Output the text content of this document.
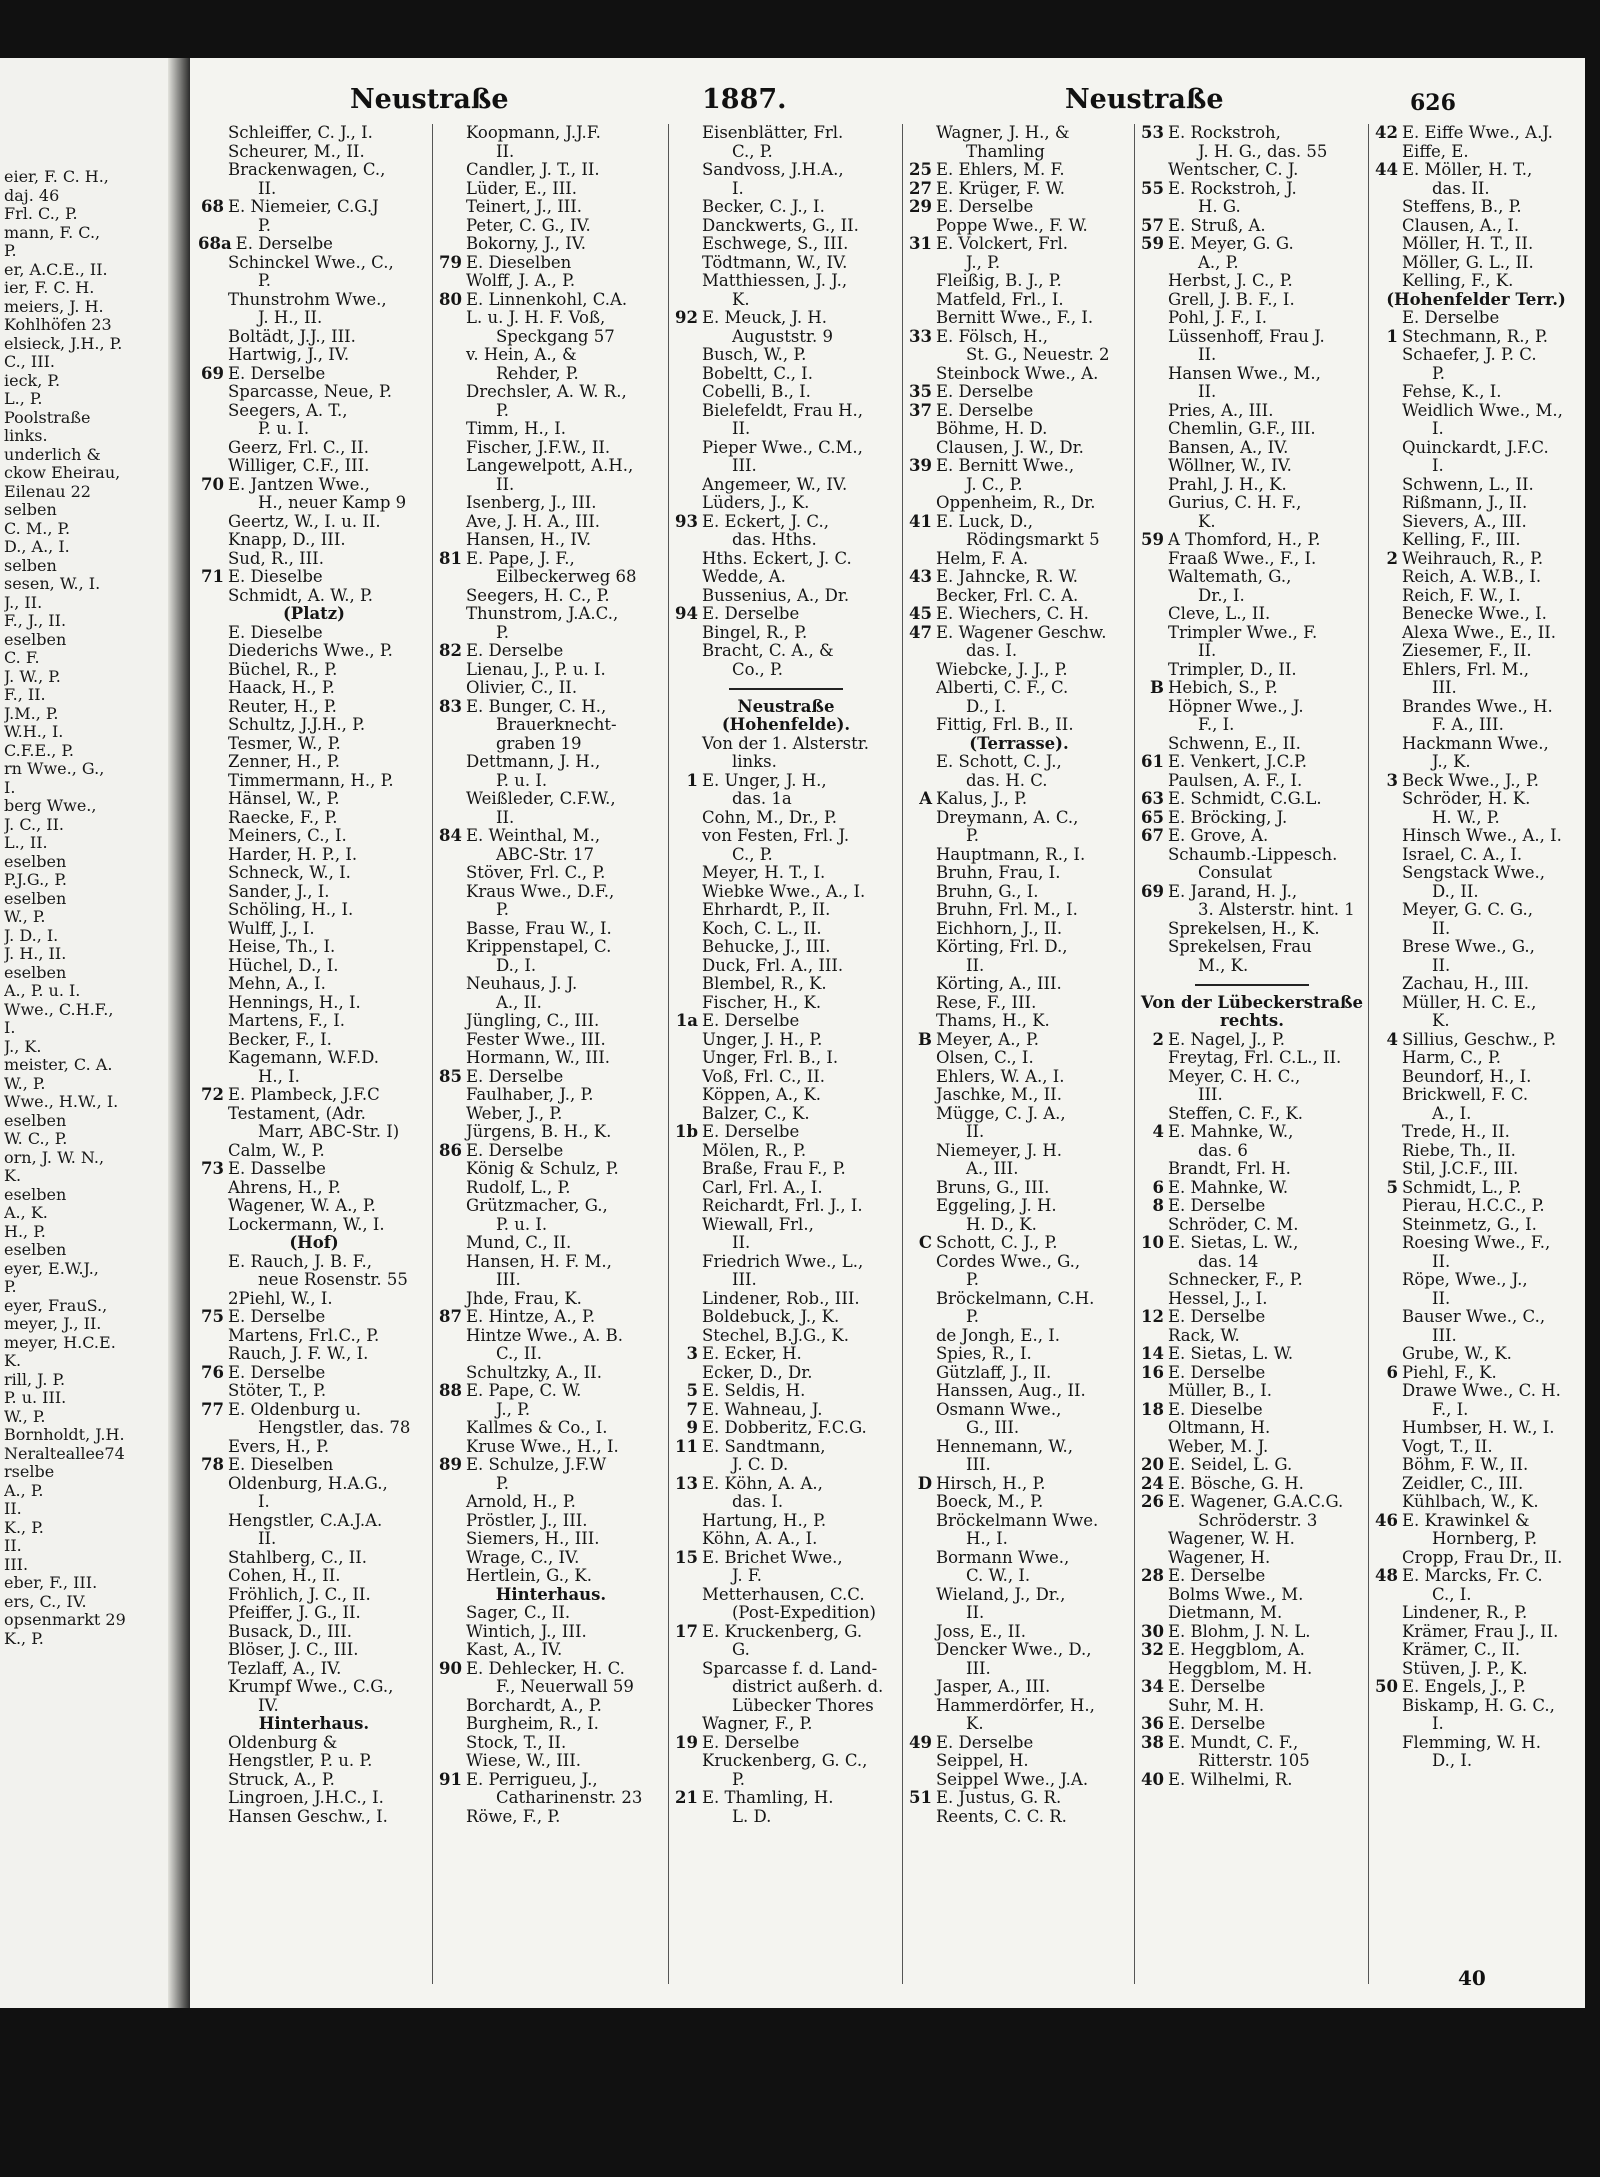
eier, F. C. H.,
daj. 46
Frl. C., P.
mann, F. C.,
P.
er, A.C.E., II.
ier, F. C. H.
meiers, J. H.
Kohlhöfen 23
elsieck, J.H., P.
C., III.
ieck, P.
L., P.
Poolstraße
links.
underlich &
ckow Eheirau,
Eilenau 22
selben
C. M., P.
D., A., I.
selben
sesen, W., I.
J., II.
F., J., II.
eselben
C. F.
J. W., P.
F., II.
J.M., P.
W.H., I.
C.F.E., P.
rn Wwe., G.,
I.
berg Wwe.,
J. C., II.
L., II.
eselben
P.J.G., P.
eselben
W., P.
J. D., I.
J. H., II.
eselben
A., P. u. I.
Wwe., C.H.F.,
I.
J., K.
meister, C. A.
W., P.
Wwe., H.W., I.
eselben
W. C., P.
orn, J. W. N.,
K.
eselben
A., K.
H., P.
eselben
eyer, E.W.J.,
P.
eyer, FrauS.,
meyer, J., II.
meyer, H.C.E.
K.
rill, J. P.
P. u. III.
W., P.
Bornholdt, J.H.
Neralteallee74
rselbe
A., P.
II.
K., P.
II.
III.
eber, F., III.
ers, C., IV.
opsenmarkt 29
K., P.
Neustraße	1887.	Neustraße	626
Schleiffer, C. J., I.
Scheurer, M., II.
Brackenwagen, C.,
II.
68 E. Niemeier, C.G.J
P.
68a E. Derselbe
Schinckel Wwe., C.,
P.
Thunstrohm Wwe.,
J. H., II.
Boltädt, J.J., III.
Hartwig, J., IV.
69 E. Derselbe
Sparcasse, Neue, P.
Seegers, A. T.,
P. u. I.
Geerz, Frl. C., II.
Williger, C.F., III.
70 E. Jantzen Wwe.,
H., neuer Kamp 9
Geertz, W., I. u. II.
Knapp, D., III.
Sud, R., III.
71 E. Dieselbe
Schmidt, A. W., P.
(Platz)
E. Dieselbe
Diederichs Wwe., P.
Büchel, R., P.
Haack, H., P.
Reuter, H., P.
Schultz, J.J.H., P.
Tesmer, W., P.
Zenner, H., P.
Timmermann, H., P.
Hänsel, W., P.
Raecke, F., P.
Meiners, C., I.
Harder, H. P., I.
Schneck, W., I.
Sander, J., I.
Schöling, H., I.
Wulff, J., I.
Heise, Th., I.
Hüchel, D., I.
Mehn, A., I.
Hennings, H., I.
Martens, F., I.
Becker, F., I.
Kagemann, W.F.D.
H., I.
72 E. Plambeck, J.F.C
Testament, (Adr.
Marr, ABC-Str. I)
Calm, W., P.
73 E. Dasselbe
Ahrens, H., P.
Wagener, W. A., P.
Lockermann, W., I.
(Hof)
E. Rauch, J. B. F.,
neue Rosenstr. 55
2Piehl, W., I.
75 E. Derselbe
Martens, Frl.C., P.
Rauch, J. F. W., I.
76 E. Derselbe
Stöter, T., P.
77 E. Oldenburg u.
Hengstler, das. 78
Evers, H., P.
78 E. Dieselben
Oldenburg, H.A.G.,
I.
Hengstler, C.A.J.A.
II.
Stahlberg, C., II.
Cohen, H., II.
Fröhlich, J. C., II.
Pfeiffer, J. G., II.
Busack, D., III.
Blöser, J. C., III.
Tezlaff, A., IV.
Krumpf Wwe., C.G.,
IV.
Hinterhaus.
Oldenburg &
Hengstler, P. u. P.
Struck, A., P.
Lingroen, J.H.C., I.
Hansen Geschw., I.
Koopmann, J.J.F.
II.
Candler, J. T., II.
Lüder, E., III.
Teinert, J., III.
Peter, C. G., IV.
Bokorny, J., IV.
79 E. Dieselben
Wolff, J. A., P.
80 E. Linnenkohl, C.A.
L. u. J. H. F. Voß,
Speckgang 57
v. Hein, A., &
Rehder, P.
Drechsler, A. W. R.,
P.
Timm, H., I.
Fischer, J.F.W., II.
Langewelpott, A.H.,
II.
Isenberg, J., III.
Ave, J. H. A., III.
Hansen, H., IV.
81 E. Pape, J. F.,
Eilbeckerweg 68
Seegers, H. C., P.
Thunstrom, J.A.C.,
P.
82 E. Derselbe
Lienau, J., P. u. I.
Olivier, C., II.
83 E. Bunger, C. H.,
Brauerknecht-
graben 19
Dettmann, J. H.,
P. u. I.
Weißleder, C.F.W.,
II.
84 E. Weinthal, M.,
ABC-Str. 17
Stöver, Frl. C., P.
Kraus Wwe., D.F.,
P.
Basse, Frau W., I.
Krippenstapel, C.
D., I.
Neuhaus, J. J.
A., II.
Jüngling, C., III.
Fester Wwe., III.
Hormann, W., III.
85 E. Derselbe
Faulhaber, J., P.
Weber, J., P.
Jürgens, B. H., K.
86 E. Derselbe
König & Schulz, P.
Rudolf, L., P.
Grützmacher, G.,
P. u. I.
Mund, C., II.
Hansen, H. F. M.,
III.
Jhde, Frau, K.
87 E. Hintze, A., P.
Hintze Wwe., A. B.
C., II.
Schultzky, A., II.
88 E. Pape, C. W.
J., P.
Kallmes & Co., I.
Kruse Wwe., H., I.
89 E. Schulze, J.F.W
P.
Arnold, H., P.
Pröstler, J., III.
Siemers, H., III.
Wrage, C., IV.
Hertlein, G., K.
Hinterhaus.
Sager, C., II.
Wintich, J., III.
Kast, A., IV.
90 E. Dehlecker, H. C.
F., Neuerwall 59
Borchardt, A., P.
Burgheim, R., I.
Stock, T., II.
Wiese, W., III.
91 E. Perrigueu, J.,
Catharinenstr. 23
Röwe, F., P.
Eisenblätter, Frl.
C., P.
Sandvoss, J.H.A.,
I.
Becker, C. J., I.
Danckwerts, G., II.
Eschwege, S., III.
Tödtmann, W., IV.
Matthiessen, J. J.,
K.
92 E. Meuck, J. H.
Auguststr. 9
Busch, W., P.
Bobeltt, C., I.
Cobelli, B., I.
Bielefeldt, Frau H.,
II.
Pieper Wwe., C.M.,
III.
Angemeer, W., IV.
Lüders, J., K.
93 E. Eckert, J. C.,
das. Hths.
Hths. Eckert, J. C.
Wedde, A.
Bussenius, A., Dr.
94 E. Derselbe
Bingel, R., P.
Bracht, C. A., &
Co., P.
Neustraße
(Hohenfelde).
Von der 1. Alsterstr.
links.
1 E. Unger, J. H.,
das. 1a
Cohn, M., Dr., P.
von Festen, Frl. J.
C., P.
Meyer, H. T., I.
Wiebke Wwe., A., I.
Ehrhardt, P., II.
Koch, C. L., II.
Behucke, J., III.
Duck, Frl. A., III.
Blembel, R., K.
Fischer, H., K.
1a E. Derselbe
Unger, J. H., P.
Unger, Frl. B., I.
Voß, Frl. C., II.
Köppen, A., K.
Balzer, C., K.
1b E. Derselbe
Mölen, R., P.
Braße, Frau F., P.
Carl, Frl. A., I.
Reichardt, Frl. J., I.
Wiewall, Frl.,
II.
Friedrich Wwe., L.,
III.
Lindener, Rob., III.
Boldebuck, J., K.
Stechel, B.J.G., K.
3 E. Ecker, H.
Ecker, D., Dr.
5 E. Seldis, H.
7 E. Wahneau, J.
9 E. Dobberitz, F.C.G.
11 E. Sandtmann,
J. C. D.
13 E. Köhn, A. A.,
das. I.
Hartung, H., P.
Köhn, A. A., I.
15 E. Brichet Wwe.,
J. F.
Metterhausen, C.C.
(Post-Expedition)
17 E. Kruckenberg, G.
G.
Sparcasse f. d. Land-
district außerh. d.
Lübecker Thores
Wagner, F., P.
19 E. Derselbe
Kruckenberg, G. C.,
P.
21 E. Thamling, H.
L. D.
Wagner, J. H., &
Thamling
25 E. Ehlers, M. F.
27 E. Krüger, F. W.
29 E. Derselbe
Poppe Wwe., F. W.
31 E. Volckert, Frl.
J., P.
Fleißig, B. J., P.
Matfeld, Frl., I.
Bernitt Wwe., F., I.
33 E. Fölsch, H.,
St. G., Neuestr. 2
Steinbock Wwe., A.
35 E. Derselbe
37 E. Derselbe
Böhme, H. D.
Clausen, J. W., Dr.
39 E. Bernitt Wwe.,
J. C., P.
Oppenheim, R., Dr.
41 E. Luck, D.,
Rödingsmarkt 5
Helm, F. A.
43 E. Jahncke, R. W.
Becker, Frl. C. A.
45 E. Wiechers, C. H.
47 E. Wagener Geschw.
das. I.
Wiebcke, J. J., P.
Alberti, C. F., C.
D., I.
Fittig, Frl. B., II.
(Terrasse).
E. Schott, C. J.,
das. H. C.
A Kalus, J., P.
Dreymann, A. C.,
P.
Hauptmann, R., I.
Bruhn, Frau, I.
Bruhn, G., I.
Bruhn, Frl. M., I.
Eichhorn, J., II.
Körting, Frl. D.,
II.
Körting, A., III.
Rese, F., III.
Thams, H., K.
B Meyer, A., P.
Olsen, C., I.
Ehlers, W. A., I.
Jaschke, M., II.
Mügge, C. J. A.,
II.
Niemeyer, J. H.
A., III.
Bruns, G., III.
Eggeling, J. H.
H. D., K.
C Schott, C. J., P.
Cordes Wwe., G.,
P.
Bröckelmann, C.H.
P.
de Jongh, E., I.
Spies, R., I.
Gützlaff, J., II.
Hanssen, Aug., II.
Osmann Wwe.,
G., III.
Hennemann, W.,
III.
D Hirsch, H., P.
Boeck, M., P.
Bröckelmann Wwe.
H., I.
Bormann Wwe.,
C. W., I.
Wieland, J., Dr.,
II.
Joss, E., II.
Dencker Wwe., D.,
III.
Jasper, A., III.
Hammerdörfer, H.,
K.
49 E. Derselbe
Seippel, H.
Seippel Wwe., J.A.
51 E. Justus, G. R.
Reents, C. C. R.
53 E. Rockstroh,
J. H. G., das. 55
Wentscher, C. J.
55 E. Rockstroh, J.
H. G.
57 E. Struß, A.
59 E. Meyer, G. G.
A., P.
Herbst, J. C., P.
Grell, J. B. F., I.
Pohl, J. F., I.
Lüssenhoff, Frau J.
II.
Hansen Wwe., M.,
II.
Pries, A., III.
Chemlin, G.F., III.
Bansen, A., IV.
Wöllner, W., IV.
Prahl, J. H., K.
Gurius, C. H. F.,
K.
59 A Thomford, H., P.
Fraaß Wwe., F., I.
Waltemath, G.,
Dr., I.
Cleve, L., II.
Trimpler Wwe., F.
II.
Trimpler, D., II.
B Hebich, S., P.
Höpner Wwe., J.
F., I.
Schwenn, E., II.
61 E. Venkert, J.C.P.
Paulsen, A. F., I.
63 E. Schmidt, C.G.L.
65 E. Bröcking, J.
67 E. Grove, A.
Schaumb.-Lippesch.
Consulat
69 E. Jarand, H. J.,
3. Alsterstr. hint. 1
Sprekelsen, H., K.
Sprekelsen, Frau
M., K.
Von der Lübeckerstraße
rechts.
2 E. Nagel, J., P.
Freytag, Frl. C.L., II.
Meyer, C. H. C.,
III.
Steffen, C. F., K.
4 E. Mahnke, W.,
das. 6
Brandt, Frl. H.
6 E. Mahnke, W.
8 E. Derselbe
Schröder, C. M.
10 E. Sietas, L. W.,
das. 14
Schnecker, F., P.
Hessel, J., I.
12 E. Derselbe
Rack, W.
14 E. Sietas, L. W.
16 E. Derselbe
Müller, B., I.
18 E. Dieselbe
Oltmann, H.
Weber, M. J.
20 E. Seidel, L. G.
24 E. Bösche, G. H.
26 E. Wagener, G.A.C.G.
Schröderstr. 3
Wagener, W. H.
Wagener, H.
28 E. Derselbe
Bolms Wwe., M.
Dietmann, M.
30 E. Blohm, J. N. L.
32 E. Heggblom, A.
Heggblom, M. H.
34 E. Derselbe
Suhr, M. H.
36 E. Derselbe
38 E. Mundt, C. F.,
Ritterstr. 105
40 E. Wilhelmi, R.
42 E. Eiffe Wwe., A.J.
Eiffe, E.
44 E. Möller, H. T.,
das. II.
Steffens, B., P.
Clausen, A., I.
Möller, H. T., II.
Möller, G. L., II.
Kelling, F., K.
(Hohenfelder Terr.)
E. Derselbe
1 Stechmann, R., P.
Schaefer, J. P. C.
P.
Fehse, K., I.
Weidlich Wwe., M.,
I.
Quinckardt, J.F.C.
I.
Schwenn, L., II.
Rißmann, J., II.
Sievers, A., III.
Kelling, F., III.
2 Weihrauch, R., P.
Reich, A. W.B., I.
Reich, F. W., I.
Benecke Wwe., I.
Alexa Wwe., E., II.
Ziesemer, F., II.
Ehlers, Frl. M.,
III.
Brandes Wwe., H.
F. A., III.
Hackmann Wwe.,
J., K.
3 Beck Wwe., J., P.
Schröder, H. K.
H. W., P.
Hinsch Wwe., A., I.
Israel, C. A., I.
Sengstack Wwe.,
D., II.
Meyer, G. C. G.,
II.
Brese Wwe., G.,
II.
Zachau, H., III.
Müller, H. C. E.,
K.
4 Sillius, Geschw., P.
Harm, C., P.
Beundorf, H., I.
Brickwell, F. C.
A., I.
Trede, H., II.
Riebe, Th., II.
Stil, J.C.F., III.
5 Schmidt, L., P.
Pierau, H.C.C., P.
Steinmetz, G., I.
Roesing Wwe., F.,
II.
Röpe, Wwe., J.,
II.
Bauser Wwe., C.,
III.
Grube, W., K.
6 Piehl, F., K.
Drawe Wwe., C. H.
F., I.
Humbser, H. W., I.
Vogt, T., II.
Böhm, F. W., II.
Zeidler, C., III.
Kühlbach, W., K.
46 E. Krawinkel &
Hornberg, P.
Cropp, Frau Dr., II.
48 E. Marcks, Fr. C.
C., I.
Lindener, R., P.
Krämer, Frau J., II.
Krämer, C., II.
Stüven, J. P., K.
50 E. Engels, J., P.
Biskamp, H. G. C.,
I.
Flemming, W. H.
D., I.
40
